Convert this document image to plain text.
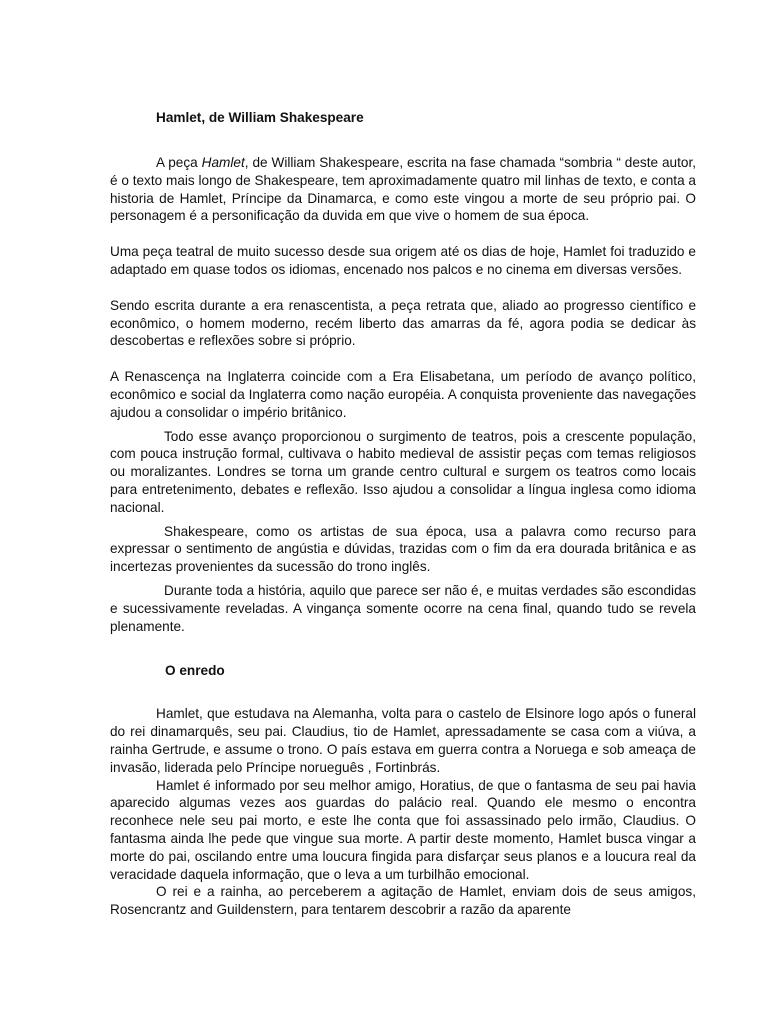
Hamlet, de William Shakespeare

A peça Hamlet, de William Shakespeare, escrita na fase chamada “sombria “ deste autor, é o texto mais longo de Shakespeare, tem aproximadamente quatro mil linhas de texto, e conta a historia de Hamlet, Príncipe da Dinamarca, e como este vingou a morte de seu próprio pai. O personagem é a personificação da duvida em que vive o homem de sua época.

Uma peça teatral de muito sucesso desde sua origem até os dias de hoje, Hamlet foi traduzido e adaptado em quase todos os idiomas, encenado nos palcos e no cinema em diversas versões.

Sendo escrita durante a era renascentista, a peça retrata que, aliado ao progresso científico e econômico, o homem moderno, recém liberto das amarras da fé, agora podia se dedicar às descobertas e reflexões sobre si próprio.

A Renascença na Inglaterra coincide com a Era Elisabetana, um período de avanço político, econômico e social da Inglaterra como nação européia. A conquista proveniente das navegações ajudou a consolidar o império britânico.

Todo esse avanço proporcionou o surgimento de teatros, pois a crescente população, com pouca instrução formal, cultivava o habito medieval de assistir peças com temas religiosos ou moralizantes. Londres se torna um grande centro cultural e surgem os teatros como locais para entretenimento, debates e reflexão. Isso ajudou a consolidar a língua inglesa como idioma nacional.

Shakespeare, como os artistas de sua época, usa a palavra como recurso para expressar o sentimento de angústia e dúvidas, trazidas com o fim da era dourada britânica e as incertezas provenientes da sucessão do trono inglês.

Durante toda a história, aquilo que parece ser não é, e muitas verdades são escondidas e sucessivamente reveladas. A vingança somente ocorre na cena final, quando tudo se revela plenamente.

O enredo

Hamlet, que estudava na Alemanha, volta para o castelo de Elsinore logo após o funeral do rei dinamarquês, seu pai. Claudius, tio de Hamlet, apressadamente se casa com a viúva, a rainha Gertrude, e assume o trono. O país estava em guerra contra a Noruega e sob ameaça de invasão, liderada pelo Príncipe norueguês , Fortinbrás.

Hamlet é informado por seu melhor amigo, Horatius, de que o fantasma de seu pai havia aparecido algumas vezes aos guardas do palácio real. Quando ele mesmo o encontra reconhece nele seu pai morto, e este lhe conta que foi assassinado pelo irmão, Claudius. O fantasma ainda lhe pede que vingue sua morte. A partir deste momento, Hamlet busca vingar a morte do pai, oscilando entre uma loucura fingida para disfarçar seus planos e a loucura real da veracidade daquela informação, que o leva a um turbilhão emocional.

O rei e a rainha, ao perceberem a agitação de Hamlet, enviam dois de seus amigos, Rosencrantz and Guildenstern, para tentarem descobrir a razão da aparente
